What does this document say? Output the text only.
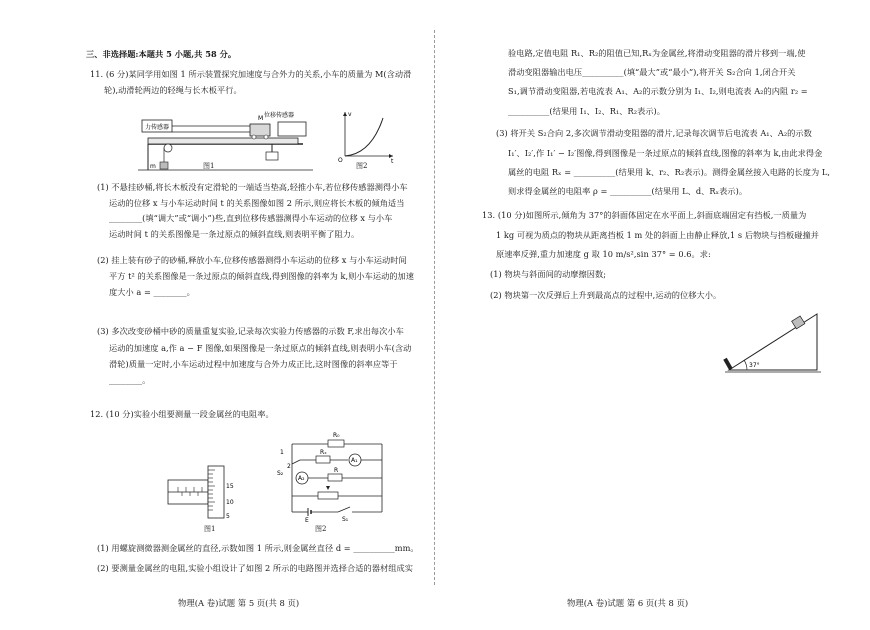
三、非选择题:本题共 5 小题,共 58 分。
11. (6 分)某同学用如图 1 所示装置探究加速度与合外力的关系,小车的质量为 M(含动滑
轮),动滑轮两边的轻绳与长木板平行。
力传感器
M 位移传感器
m	图1
v
O	t
图2
(1) 不悬挂砂桶,将长木板没有定滑轮的一端适当垫高,轻推小车,若位移传感器测得小车
运动的位移 x 与小车运动时间 t 的关系图像如图 2 所示,则应将长木板的倾角适当
________(填“调大”或“调小”)些,直到位移传感器测得小车运动的位移 x 与小车
运动时间 t 的关系图像是一条过原点的倾斜直线,则表明平衡了阻力。
(2) 挂上装有砂子的砂桶,释放小车,位移传感器测得小车运动的位移 x 与小车运动时间
平方 t² 的关系图像是一条过原点的倾斜直线,得到图像的斜率为 k,则小车运动的加速
度大小 a = ________。
(3) 多次改变砂桶中砂的质量重复实验,记录每次实验力传感器的示数 F,求出每次小车
运动的加速度 a,作 a − F 图像,如果图像是一条过原点的倾斜直线,则表明小车(含动
滑轮)质量一定时,小车运动过程中加速度与合外力成正比,这时图像的斜率应等于
________。
12. (10 分)实验小组要测量一段金属丝的电阻率。
15
10
5
图1
R₀
Rₓ
A₁
1
2
S₂
A₂
R
E	S₁
图2
(1) 用螺旋测微器测金属丝的直径,示数如图 1 所示,则金属丝直径 d = __________mm。
(2) 要测量金属丝的电阻,实验小组设计了如图 2 所示的电路图并选择合适的器材组成实
物理(A 卷)试题 第 5 页(共 8 页)
验电路,定值电阻 R₁、R₂的阻值已知,Rₓ为金属丝,将滑动变阻器的滑片移到一端,使
滑动变阻器输出电压__________(填“最大”或“最小”),将开关 S₂合向 1,闭合开关
S₁,调节滑动变阻器,若电流表 A₁、A₂的示数分别为 I₁、I₂,则电流表 A₂的内阻 r₂ =
__________(结果用 I₁、I₂、R₁、R₂表示)。
(3) 将开关 S₂合向 2,多次调节滑动变阻器的滑片,记录每次调节后电流表 A₁、A₂的示数
I₁′、I₂′,作 I₁′ − I₂′图像,得到图像是一条过原点的倾斜直线,图像的斜率为 k,由此求得金
属丝的电阻 Rₓ = __________(结果用 k、r₂、R₂表示)。测得金属丝接入电路的长度为 L,
则求得金属丝的电阻率 ρ = __________(结果用 L、d、Rₓ表示)。
13. (10 分)如图所示,倾角为 37°的斜面体固定在水平面上,斜面底端固定有挡板,一质量为
1 kg 可视为质点的物块从距离挡板 1 m 处的斜面上由静止释放,1 s 后物块与挡板碰撞并
原速率反弹,重力加速度 g 取 10 m/s²,sin 37° = 0.6。求:
(1) 物块与斜面间的动摩擦因数;
(2) 物块第一次反弹后上升到最高点的过程中,运动的位移大小。
37°
物理(A 卷)试题 第 6 页(共 8 页)
